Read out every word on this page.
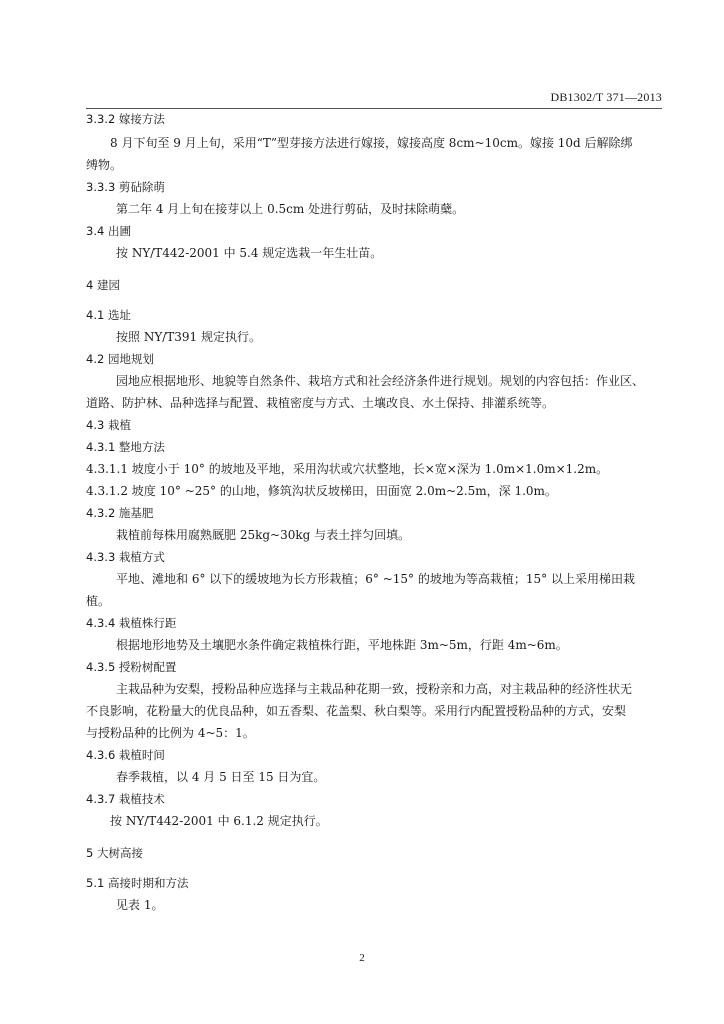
DB1302/T 371—2013
3.3.2 嫁接方法
8 月下旬至 9 月上旬，采用“T”型芽接方法进行嫁接，嫁接高度 8cm~10cm。嫁接 10d 后解除绑
缚物。
3.3.3 剪砧除萌
第二年 4 月上旬在接芽以上 0.5cm 处进行剪砧，及时抹除萌蘖。
3.4 出圃
按 NY/T442-2001 中 5.4 规定选栽一年生壮苗。
4 建园
4.1 选址
按照 NY/T391 规定执行。
4.2 园地规划
园地应根据地形、地貌等自然条件、栽培方式和社会经济条件进行规划。规划的内容包括：作业区、
道路、防护林、品种选择与配置、栽植密度与方式、土壤改良、水土保持、排灌系统等。
4.3 栽植
4.3.1 整地方法
4.3.1.1 坡度小于 10° 的坡地及平地，采用沟状或穴状整地，长×宽×深为 1.0m×1.0m×1.2m。
4.3.1.2 坡度 10° ~25° 的山地，修筑沟状反坡梯田，田面宽 2.0m~2.5m，深 1.0m。
4.3.2 施基肥
栽植前每株用腐熟厩肥 25kg~30kg 与表土拌匀回填。
4.3.3 栽植方式
平地、滩地和 6° 以下的缓坡地为长方形栽植；6° ~15° 的坡地为等高栽植；15° 以上采用梯田栽
植。
4.3.4 栽植株行距
根据地形地势及土壤肥水条件确定栽植株行距，平地株距 3m~5m，行距 4m~6m。
4.3.5 授粉树配置
主栽品种为安梨，授粉品种应选择与主栽品种花期一致，授粉亲和力高，对主栽品种的经济性状无
不良影响，花粉量大的优良品种，如五香梨、花盖梨、秋白梨等。采用行内配置授粉品种的方式，安梨
与授粉品种的比例为 4~5：1。
4.3.6 栽植时间
春季栽植，以 4 月 5 日至 15 日为宜。
4.3.7 栽植技术
按 NY/T442-2001 中 6.1.2 规定执行。
5 大树高接
5.1 高接时期和方法
见表 1。
2
